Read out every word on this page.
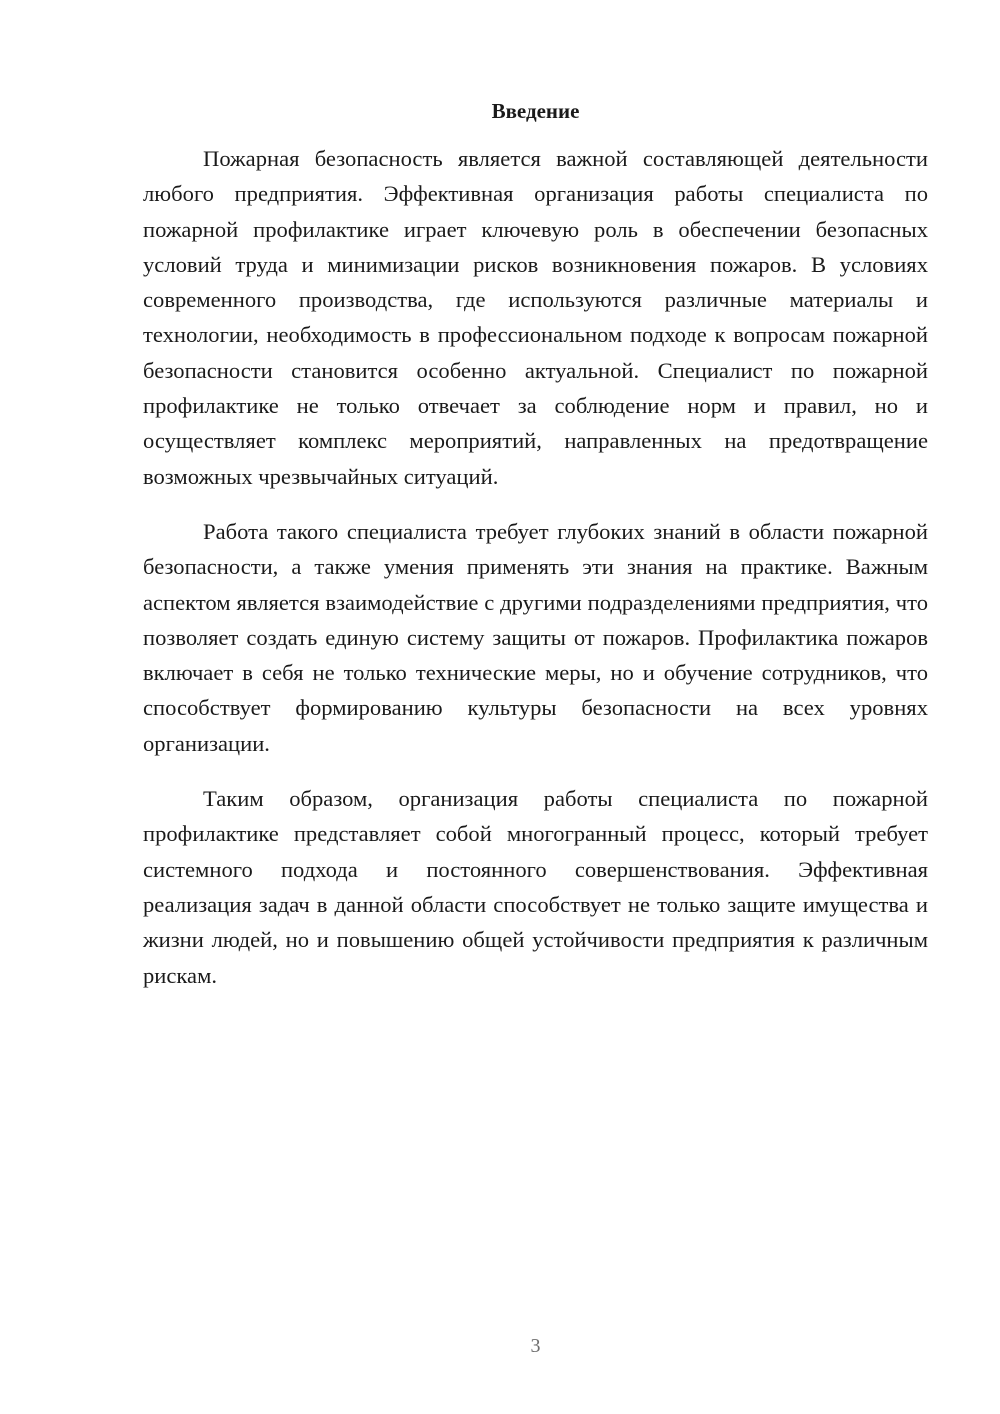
Введение

Пожарная безопасность является важной составляющей деятельности любого предприятия. Эффективная организация работы специалиста по пожарной профилактике играет ключевую роль в обеспечении безопасных условий труда и минимизации рисков возникновения пожаров. В условиях современного производства, где используются различные материалы и технологии, необходимость в профессиональном подходе к вопросам пожарной безопасности становится особенно актуальной. Специалист по пожарной профилактике не только отвечает за соблюдение норм и правил, но и осуществляет комплекс мероприятий, направленных на предотвращение возможных чрезвычайных ситуаций.

Работа такого специалиста требует глубоких знаний в области пожарной безопасности, а также умения применять эти знания на практике. Важным аспектом является взаимодействие с другими подразделениями предприятия, что позволяет создать единую систему защиты от пожаров. Профилактика пожаров включает в себя не только технические меры, но и обучение сотрудников, что способствует формированию культуры безопасности на всех уровнях организации.

Таким образом, организация работы специалиста по пожарной профилактике представляет собой многогранный процесс, который требует системного подхода и постоянного совершенствования. Эффективная реализация задач в данной области способствует не только защите имущества и жизни людей, но и повышению общей устойчивости предприятия к различным рискам.

3
